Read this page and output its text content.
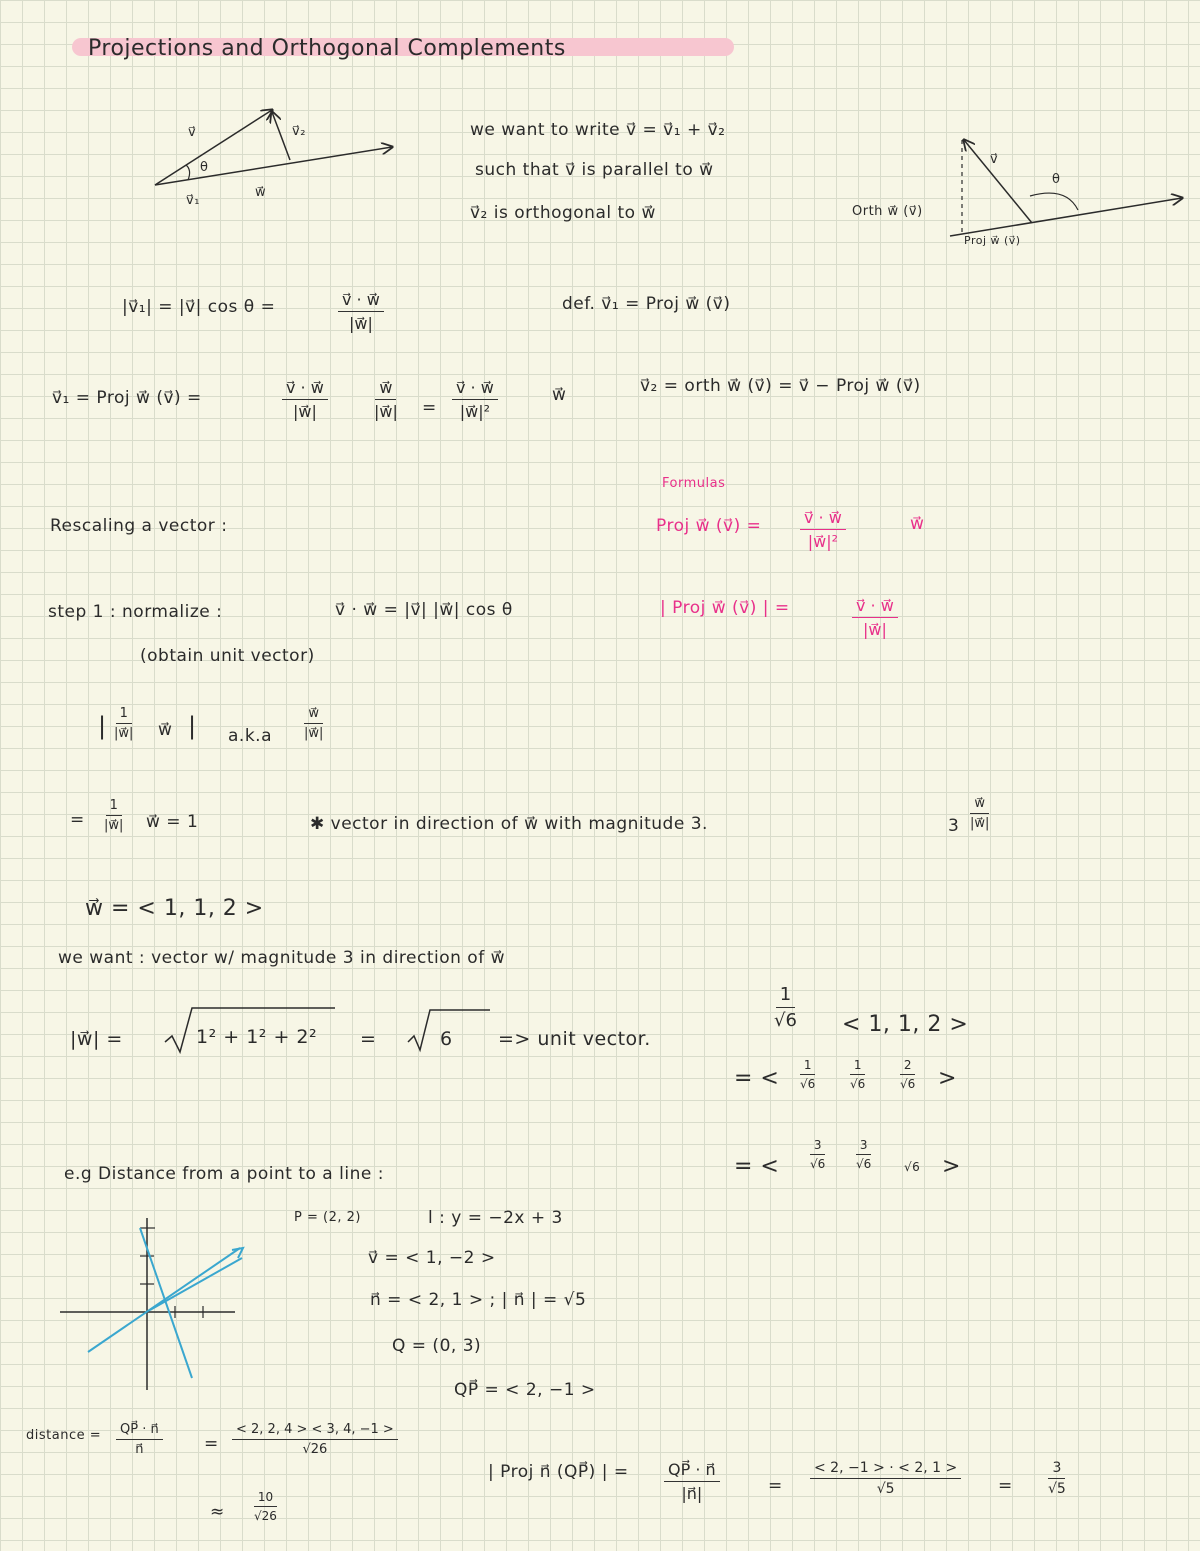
Projections and Orthogonal Complements
v⃗	v⃗₂
θ
v⃗₁
w⃗
we want to write v⃗ = v⃗₁ + v⃗₂
such that v⃗ is parallel to w⃗
v⃗₂ is orthogonal to w⃗
v⃗
θ
Orth w⃗ (v⃗)
Proj w⃗ (v⃗)
|v⃗₁| = |v⃗| cos θ =	$\frac{v⃗ \cdot w⃗}{|w⃗|}$	def. v⃗₁ = Proj w⃗ (v⃗)
v⃗₁ = Proj w⃗ (v⃗) =	$\frac{v⃗ \cdot w⃗}{|w⃗|}$	$\frac{w⃗}{|w⃗|} = \frac{v⃗ \cdot w⃗}{\text{|w⃗|²}}$	w⃗	v⃗₂ = orth w⃗ (v⃗) = v⃗ − Proj w⃗ (v⃗)
Formulas
Proj w⃗ (v⃗) = $\frac{v⃗ \cdot w⃗}{\text{|w⃗|²}}$	w⃗
| Proj w⃗ (v⃗) | =	$\frac{v⃗ \cdot w⃗}{|w⃗|}$
Rescaling a vector :
step 1 : normalize :	v⃗ · w⃗ = |v⃗| |w⃗| cos θ
(obtain unit vector)
| $\frac{1}{|w⃗|}$ w⃗ | $a.k.a \frac{w⃗}{|w⃗|}$
= $\frac{1}{|w⃗|}$ w⃗ = 1	✱ vector in direction of w⃗ with magnitude 3.	$3 \frac{w⃗}{|w⃗|}$
w⃗ = < 1, 1, 2 >
we want : vector w/ magnitude 3 in direction of w⃗
|w⃗| =	1² + 1² + 2² =	6 => unit vector.
$\frac{1}{√6} < 1$, 1, 2 >
= < $\frac{1}{√6} \frac{1}{√6} \frac{2}{√6}$ >
= < $\frac{3}{√6} \frac{3}{√6} √6$ >
e.g Distance from a point to a line :
P = (2, 2)	l : y = −2x + 3
v⃗ = < 1, −2 >
n⃗ = < 2, 1 > ; | n⃗ | = √5
Q = (0, 3)
QP⃗ = < 2, −1 >
distance = $\frac{QP⃗ \cdot n⃗}{n⃗} = \frac{< 2, 2, 4 > < 3, 4, -1 >}{√26}$
≈ $\frac{10}{√26}$
| Proj n⃗ (QP⃗) | = $\frac{QP⃗ \cdot n⃗}{|n⃗|}$	= $\frac{< 2, -1 > \cdot < 2, 1 >}{√5} = \frac{3}{√5}$
